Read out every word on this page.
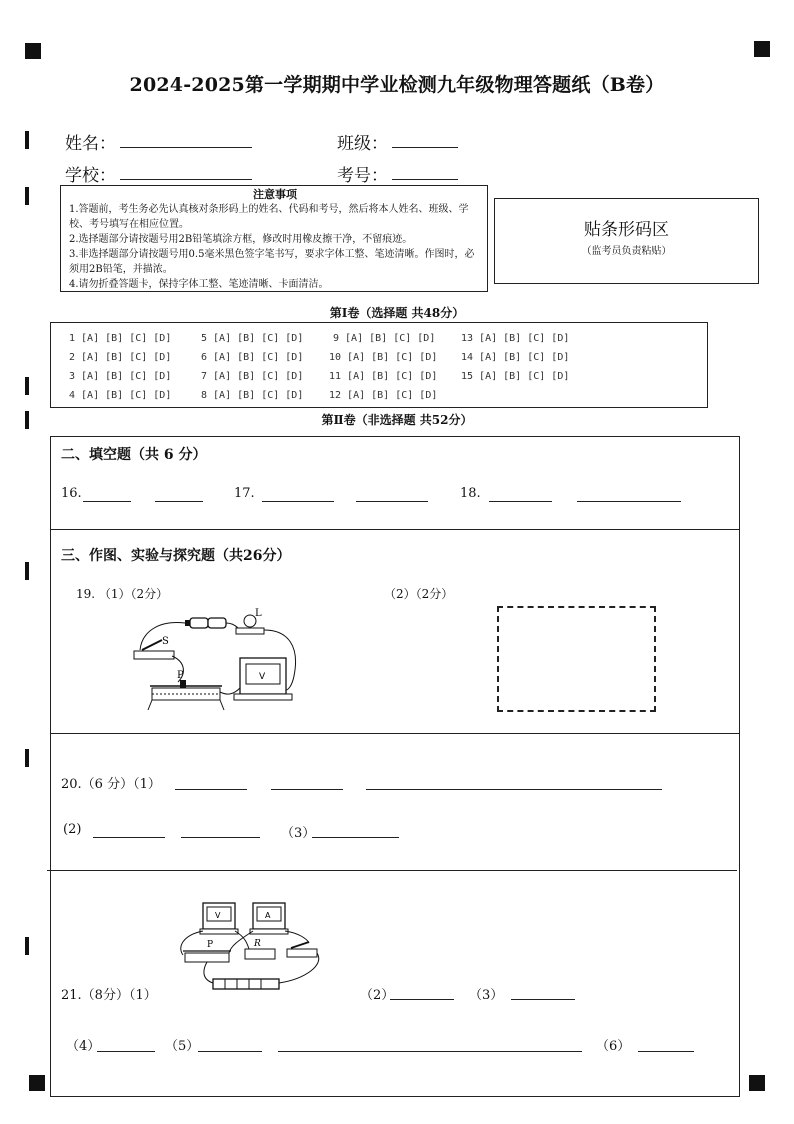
2024-2025第一学期期中学业检测九年级物理答题纸（B卷）
姓名：	班级：
学校：	考号：
注意事项
1.答题前，考生务必先认真核对条形码上的姓名、代码和考号，然后将本人姓名、班级、学校、考号填写在相应位置。
2.选择题部分请按题号用2B铅笔填涂方框，修改时用橡皮擦干净，不留痕迹。
3.非选择题部分请按题号用0.5毫米黑色签字笔书写，要求字体工整、笔迹清晰。作图时，必须用2B铅笔，并描浓。
4.请勿折叠答题卡，保持字体工整、笔迹清晰、卡面清洁。
贴条形码区
（监考员负责粘贴）
第Ⅰ卷（选择题 共48分）
1 [A] [B] [C] [D]
2 [A] [B] [C] [D]
3 [A] [B] [C] [D]
4 [A] [B] [C] [D]
5 [A] [B] [C] [D]
6 [A] [B] [C] [D]
7 [A] [B] [C] [D]
8 [A] [B] [C] [D]
9 [A] [B] [C] [D]
10 [A] [B] [C] [D]
11 [A] [B] [C] [D]
12 [A] [B] [C] [D]
13 [A] [B] [C] [D]
14 [A] [B] [C] [D]
15 [A] [B] [C] [D]
第Ⅱ卷（非选择题 共52分）
二、填空题（共 6 分）
16.	17.	18.
三、作图、实验与探究题（共26分）
19. （1）（2分）	（2）（2分）
L
S
P	V
20.（6 分）（1）
(2)	（3）
V	A
P	R
21.（8分）（1）	（2）	（3）
（4）	（5）	（6）
